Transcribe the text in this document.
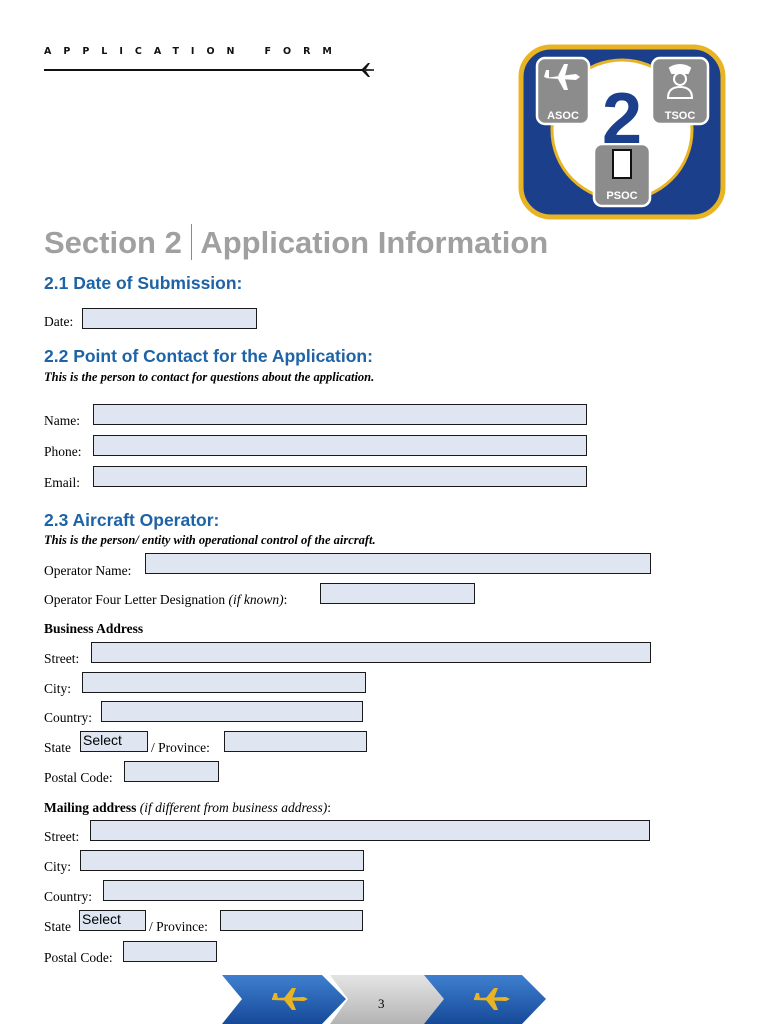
APPLICATION FORM
2
ASOC	TSOC
PSOC
Section 2 Application Information
2.1 Date of Submission:
Date:
2.2 Point of Contact for the Application:
This is the person to contact for questions about the application.
Name:
Phone:
Email:
2.3 Aircraft Operator:
This is the person/ entity with operational control of the aircraft.
Operator Name:
Operator Four Letter Designation (if known):
Business Address
Street:
City:
Country:
State Select	/ Province:
Postal Code:
Mailing address (if different from business address):
Street:
City:
Country:
State Select	/ Province:
Postal Code:
3
